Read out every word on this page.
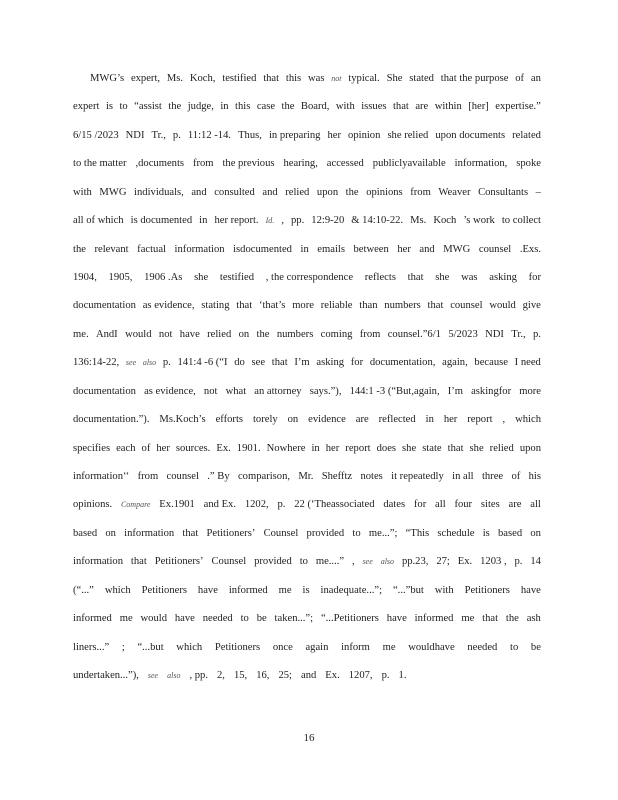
MWG’s expert, Ms. Koch, testified that this was not typical. She stated that the purpose of an
expert is to “assist the judge, in this case the Board, with issues that are within [her] expertise.”
6/15 /2023 NDI Tr., p. 11:12 -14. Thus, in preparing her opinion she relied upon documents related
to the matter ,documents from the previous hearing, accessed publiclyavailable information, spoke
with MWG individuals, and consulted and relied upon the opinions from Weaver Consultants –
all of which is documented in her report. Id. , pp. 12:9-20 & 14:10-22. Ms. Koch ’s work to collect
the relevant factual information isdocumented in emails between her and MWG counsel .Exs.
1904, 1905, 1906 .As she testified , the correspondence reflects that she was asking for
documentation as evidence, stating that ‘that’s more reliable than numbers that counsel would give
me. AndI would not have relied on the numbers coming from counsel.”6/1 5/2023 NDI Tr., p.
136:14-22, see also p. 141:4 -6 (“I do see that I’m asking for documentation, again, because I need
documentation as evidence, not what an attorney says.”), 144:1 -3 (“But,again, I’m askingfor more
documentation.”). Ms.Koch’s efforts torely on evidence are reflected in her report , which
specifies each of her sources. Ex. 1901. Nowhere in her report does she state that she relied upon
information‘‘ from counsel .” By comparison, Mr. Shefftz notes it repeatedly in all three of his
opinions. Compare Ex.1901 and Ex. 1202, p. 22 (‘Theassociated dates for all four sites are all
based on information that Petitioners’ Counsel provided to me...”; “This schedule is based on
information that Petitioners’ Counsel provided to me....” , see also pp.23, 27; Ex. 1203 , p. 14
(“...” which Petitioners have informed me is inadequate...”; “...”but with Petitioners have
informed me would have needed to be taken...”; “...Petitioners have informed me that the ash
liners...” ; “...but which Petitioners once again inform me wouldhave needed to be
undertaken...”), see also , pp. 2, 15, 16, 25; and Ex. 1207, p. 1.
16
